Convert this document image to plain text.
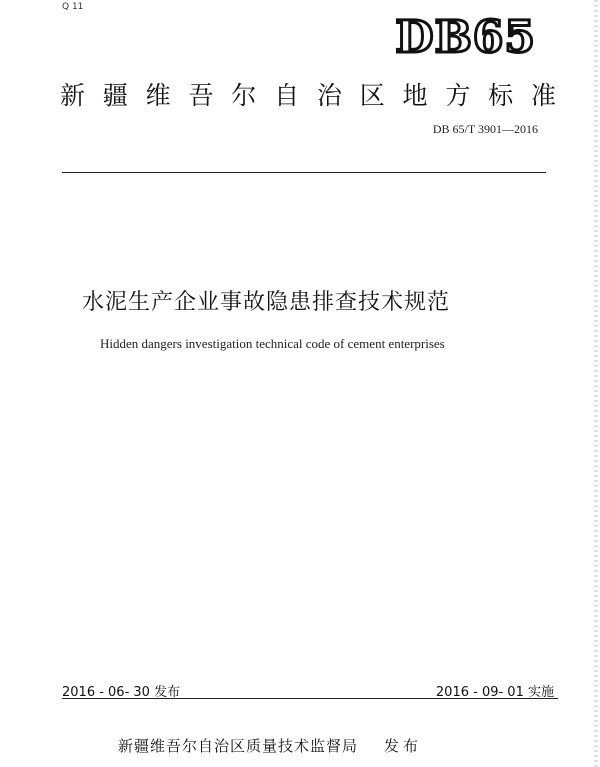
Q 11
DB65
新 疆 维 吾 尔 自 治 区 地 方 标 准
DB 65/T 3901—2016
水泥生产企业事故隐患排查技术规范
Hidden dangers investigation technical code of cement enterprises
2016 - 06- 30 发布	2016 - 09- 01 实施
新疆维吾尔自治区质量技术监督局 发布
